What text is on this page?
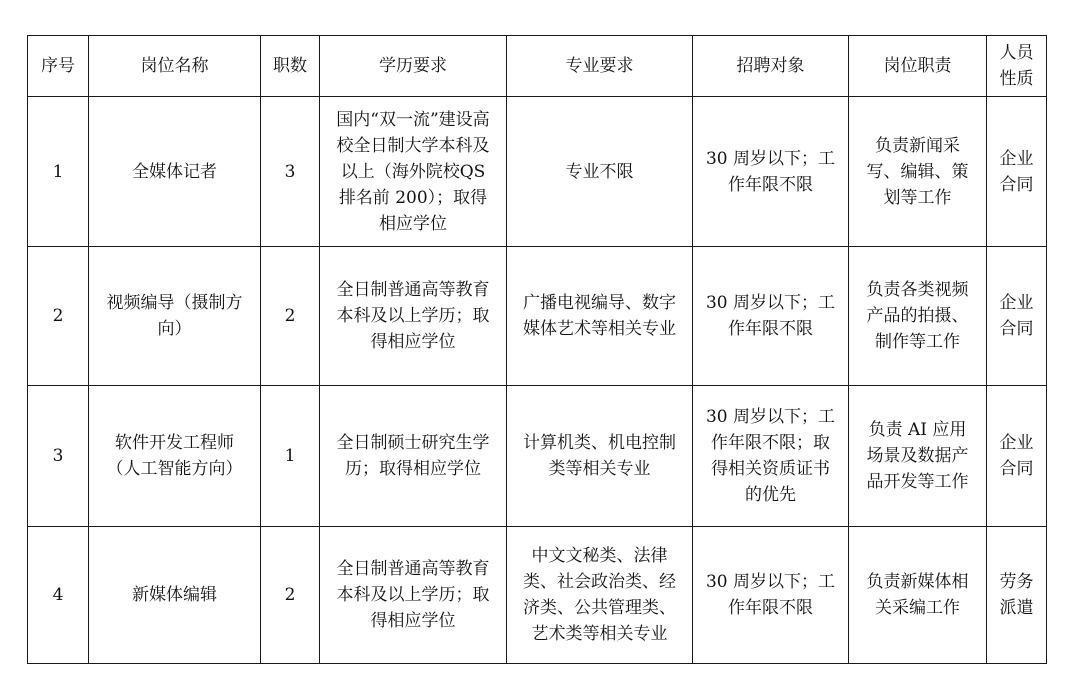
序号	岗位名称	职数	学历要求	专业要求	招聘对象	岗位职责	人员性质
1	全媒体记者	3	国内“双一流”建设高校全日制大学本科及以上（海外院校QS 排名前 200）；取得相应学位	专业不限	30 周岁以下；工作年限不限	负责新闻采写、编辑、策划等工作	企业合同
2	视频编导（摄制方向）	2	全日制普通高等教育本科及以上学历；取得相应学位	广播电视编导、数字媒体艺术等相关专业	30 周岁以下；工作年限不限	负责各类视频产品的拍摄、制作等工作	企业合同
3	软件开发工程师（人工智能方向）	1	全日制硕士研究生学历；取得相应学位	计算机类、机电控制类等相关专业	30 周岁以下；工作年限不限；取得相关资质证书的优先	负责 AI 应用场景及数据产品开发等工作	企业合同
4	新媒体编辑	2	全日制普通高等教育本科及以上学历；取得相应学位	中文文秘类、法律类、社会政治类、经济类、公共管理类、艺术类等相关专业	30 周岁以下；工作年限不限	负责新媒体相关采编工作	劳务派遣
